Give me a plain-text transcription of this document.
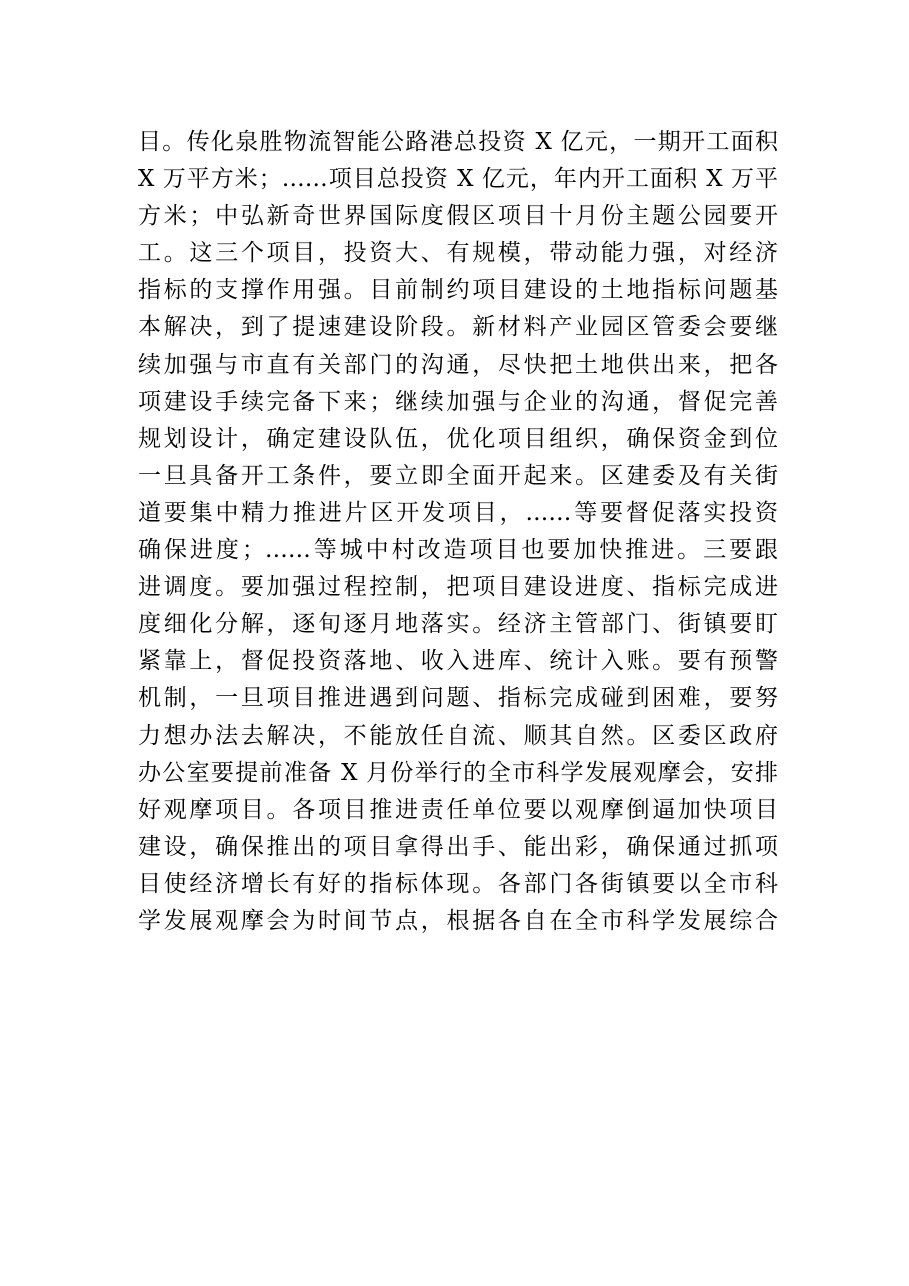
目。传化泉胜物流智能公路港总投资 X 亿元，一期开工面积
X 万平方米；……项目总投资 X 亿元，年内开工面积 X 万平
方米；中弘新奇世界国际度假区项目十月份主题公园要开
工。这三个项目，投资大、有规模，带动能力强，对经济
指标的支撑作用强。目前制约项目建设的土地指标问题基
本解决，到了提速建设阶段。新材料产业园区管委会要继
续加强与市直有关部门的沟通，尽快把土地供出来，把各
项建设手续完备下来；继续加强与企业的沟通，督促完善
规划设计，确定建设队伍，优化项目组织，确保资金到位
一旦具备开工条件，要立即全面开起来。区建委及有关街
道要集中精力推进片区开发项目，……等要督促落实投资
确保进度；……等城中村改造项目也要加快推进。三要跟
进调度。要加强过程控制，把项目建设进度、指标完成进
度细化分解，逐旬逐月地落实。经济主管部门、街镇要盯
紧靠上，督促投资落地、收入进库、统计入账。要有预警
机制，一旦项目推进遇到问题、指标完成碰到困难，要努
力想办法去解决，不能放任自流、顺其自然。区委区政府
办公室要提前准备 X 月份举行的全市科学发展观摩会，安排
好观摩项目。各项目推进责任单位要以观摩倒逼加快项目
建设，确保推出的项目拿得出手、能出彩，确保通过抓项
目使经济增长有好的指标体现。各部门各街镇要以全市科
学发展观摩会为时间节点，根据各自在全市科学发展综合
